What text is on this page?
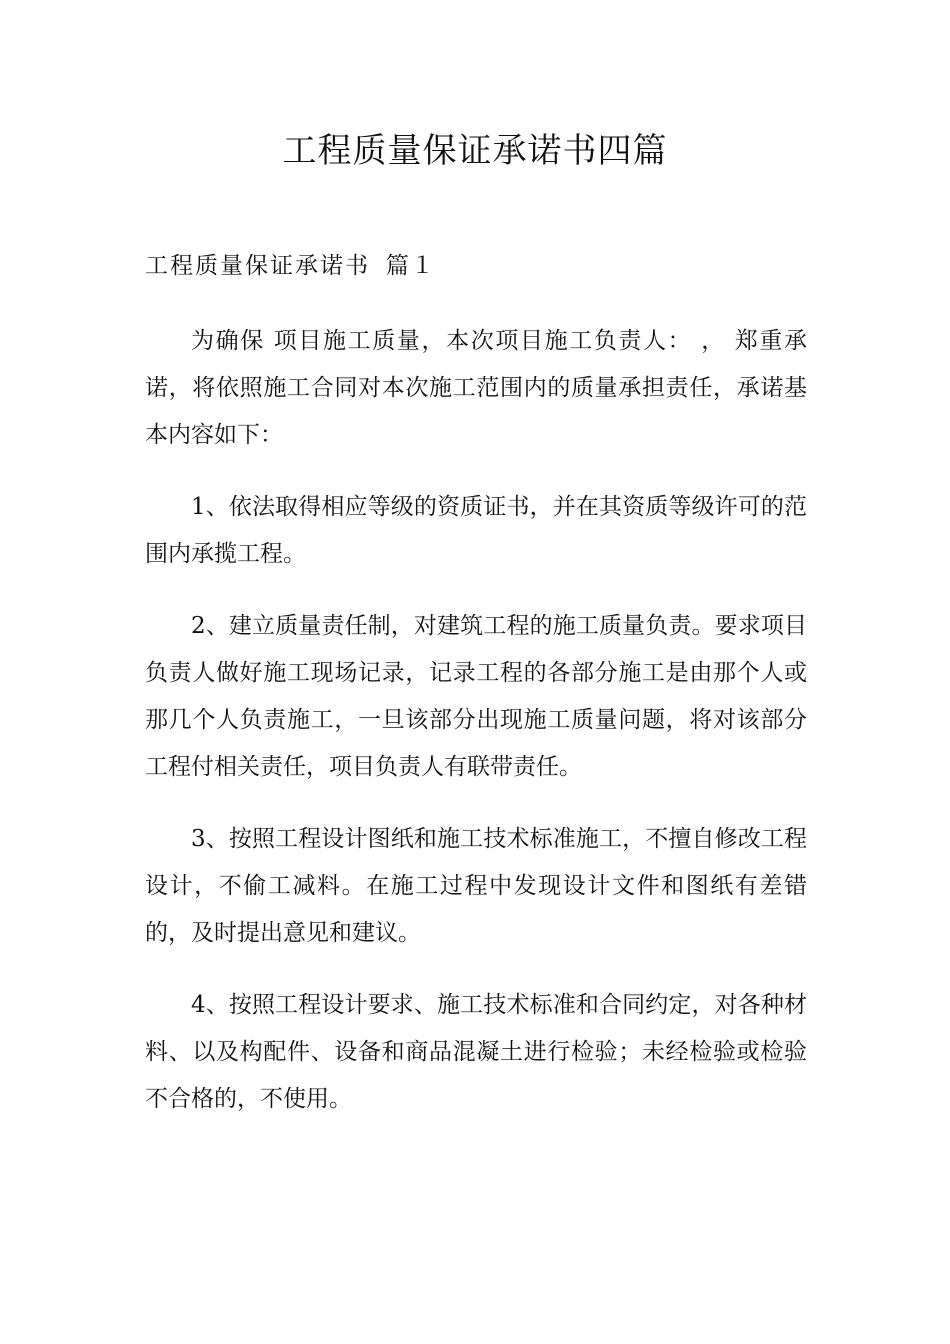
工程质量保证承诺书四篇
工程质量保证承诺书 篇１

为确保 项目施工质量，本次项目施工负责人： ， 郑重承诺，将依照施工合同对本次施工范围内的质量承担责任，承诺基本内容如下：

1、依法取得相应等级的资质证书，并在其资质等级许可的范围内承揽工程。

2、建立质量责任制，对建筑工程的施工质量负责。要求项目负责人做好施工现场记录，记录工程的各部分施工是由那个人或那几个人负责施工，一旦该部分出现施工质量问题，将对该部分工程付相关责任，项目负责人有联带责任。

3、按照工程设计图纸和施工技术标准施工，不擅自修改工程设计，不偷工减料。在施工过程中发现设计文件和图纸有差错的，及时提出意见和建议。

4、按照工程设计要求、施工技术标准和合同约定，对各种材料、以及构配件、设备和商品混凝土进行检验；未经检验或检验不合格的，不使用。
